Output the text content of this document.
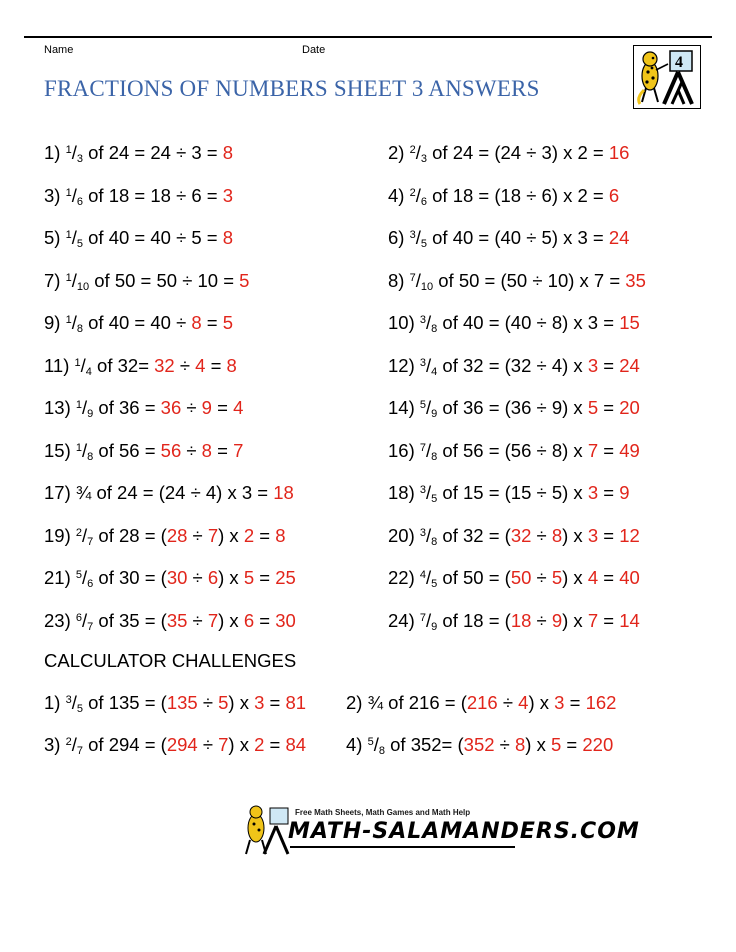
Name	Date
FRACTIONS OF NUMBERS SHEET 3 ANSWERS
4
1) $^1/_3$ of 24 = 24 ÷ 3 = 8	2) $^2/_3$ of 24 = (24 ÷ 3) x 2 = 16
3) $^1/_6$ of 18 = 18 ÷ 6 = 3	4) $^2/_6$ of 18 = (18 ÷ 6) x 2 = 6
5) $^1/_5$ of 40 = 40 ÷ 5 = 8	6) $^3/_5$ of 40 = (40 ÷ 5) x 3 = 24
7) $^1/_{10}$ of 50 = 50 ÷ 10 = 5	8) $^7/_{10}$ of 50 = (50 ÷ 10) x 7 = 35
9) $^1/_8$ of 40 = 40 ÷ 8 = 5	10) $^3/_8$ of 40 = (40 ÷ 8) x 3 = 15
11) $^1/_4$ of 32= 32 ÷ 4 = 8	12) $^3/_4$ of 32 = (32 ÷ 4) x 3 = 24
13) $^1/_9$ of 36 = 36 ÷ 9 = 4	14) $^5/_9$ of 36 = (36 ÷ 9) x 5 = 20
15) $^1/_8$ of 56 = 56 ÷ 8 = 7	16) $^7/_8$ of 56 = (56 ÷ 8) x 7 = 49
17) ¾ of 24 = (24 ÷ 4) x 3 = 18	18) $^3/_5$ of 15 = (15 ÷ 5) x 3 = 9
19) $^2/_7$ of 28 = (28 ÷ 7) x 2 = 8	20) $^3/_8$ of 32 = (32 ÷ 8) x 3 = 12
21) $^5/_6$ of 30 = (30 ÷ 6) x 5 = 25	22) $^4/_5$ of 50 = (50 ÷ 5) x 4 = 40
23) $^6/_7$ of 35 = (35 ÷ 7) x 6 = 30	24) $^7/_9$ of 18 = (18 ÷ 9) x 7 = 14
1) $^3/_5$ of 135 = (135 ÷ 5) x 3 = 81 2) ¾ of 216 = (216 ÷ 4) x 3 = 162
3) $^2/_7$ of 294 = (294 ÷ 7) x 2 = 84 4) $^5/_8$ of 352= (352 ÷ 8) x 5 = 220
CALCULATOR CHALLENGES
Free Math Sheets, Math Games and Math Help
MATH-SALAMANDERS.COM
